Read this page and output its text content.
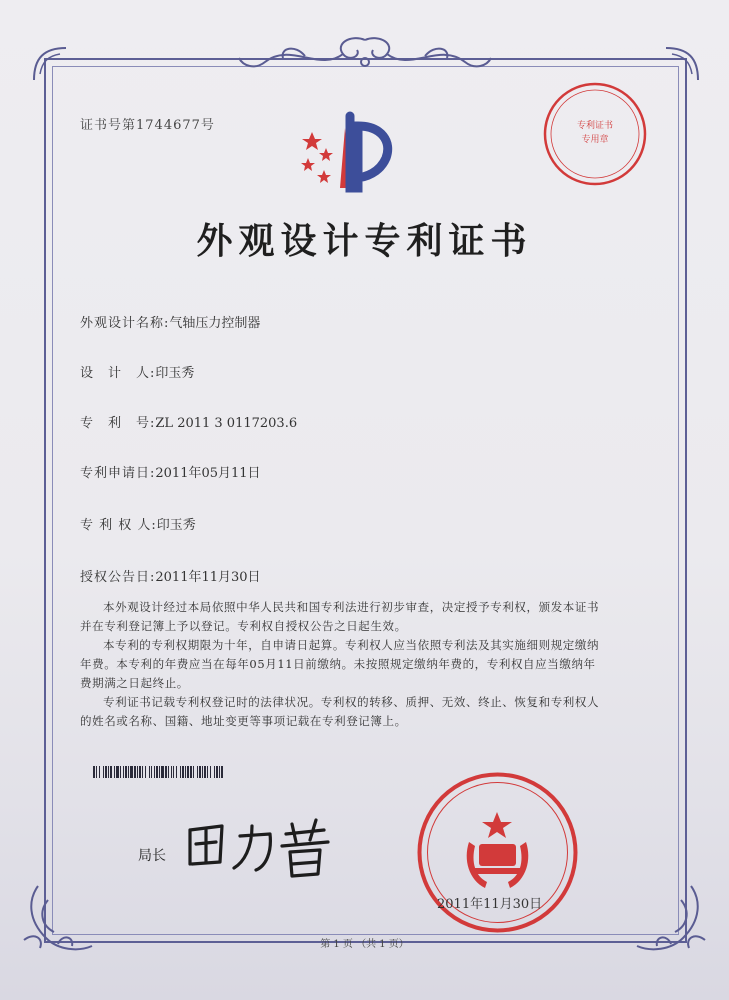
证书号第1744677号	专利证书
专用章
外观设计专利证书
外观设计名称:气轴压力控制器
设　计　人:印玉秀
专　利　号:ZL 2011 3 0117203.6
专利申请日:2011年05月11日
专 利 权 人:印玉秀
授权公告日:2011年11月30日

本外观设计经过本局依照中华人民共和国专利法进行初步审查，决定授予专利权，颁发本证书并在专利登记簿上予以登记。专利权自授权公告之日起生效。

本专利的专利权期限为十年，自申请日起算。专利权人应当依照专利法及其实施细则规定缴纳年费。本专利的年费应当在每年05月11日前缴纳。未按照规定缴纳年费的，专利权自应当缴纳年费期满之日起终止。

专利证书记载专利权登记时的法律状况。专利权的转移、质押、无效、终止、恢复和专利权人的姓名或名称、国籍、地址变更等事项记载在专利登记簿上。

局长
2011年11月30日
第 1 页 （共 1 页）
